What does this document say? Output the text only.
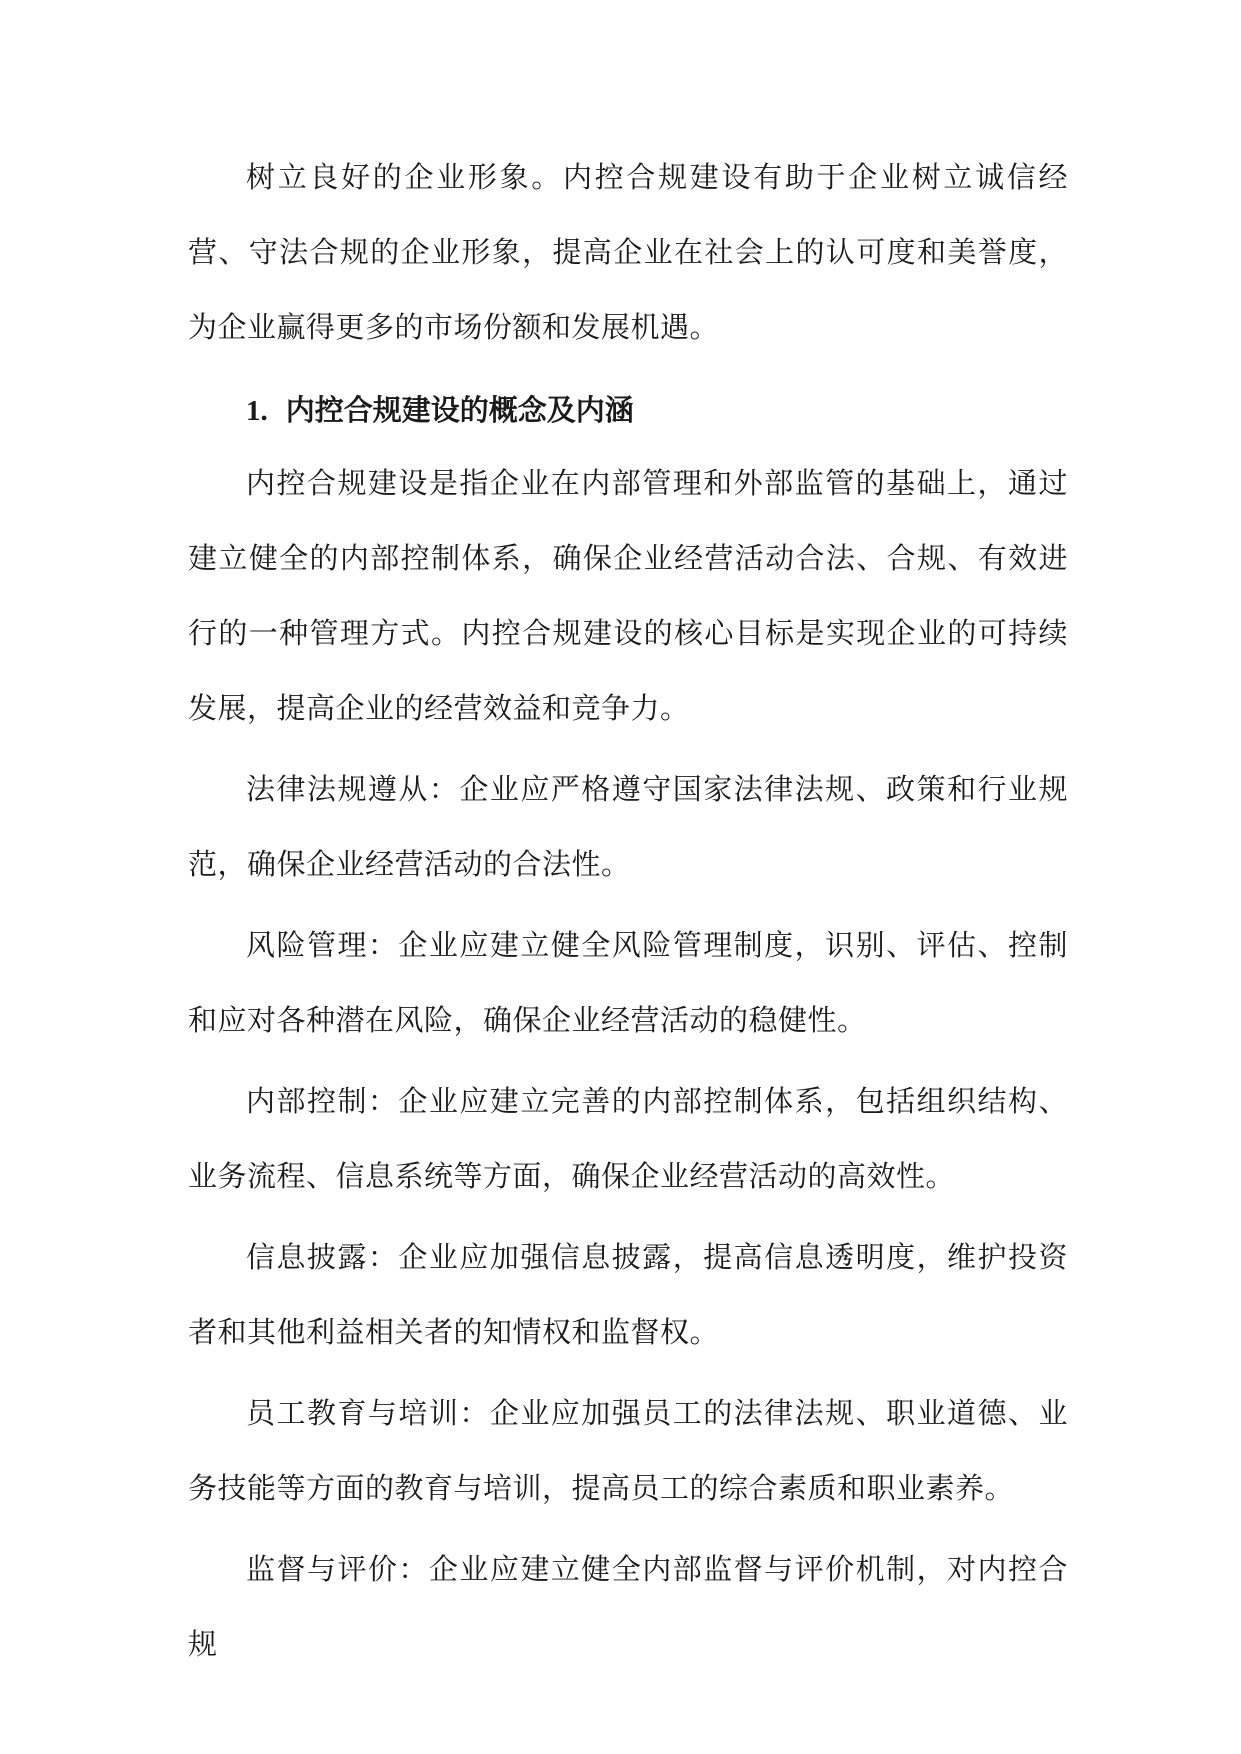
树立良好的企业形象。内控合规建设有助于企业树立诚信经营、守法合规的企业形象，提高企业在社会上的认可度和美誉度，为企业赢得更多的市场份额和发展机遇。

1. 内控合规建设的概念及内涵

内控合规建设是指企业在内部管理和外部监管的基础上，通过建立健全的内部控制体系，确保企业经营活动合法、合规、有效进行的一种管理方式。内控合规建设的核心目标是实现企业的可持续发展，提高企业的经营效益和竞争力。

法律法规遵从：企业应严格遵守国家法律法规、政策和行业规范，确保企业经营活动的合法性。

风险管理：企业应建立健全风险管理制度，识别、评估、控制和应对各种潜在风险，确保企业经营活动的稳健性。

内部控制：企业应建立完善的内部控制体系，包括组织结构、业务流程、信息系统等方面，确保企业经营活动的高效性。

信息披露：企业应加强信息披露，提高信息透明度，维护投资者和其他利益相关者的知情权和监督权。

员工教育与培训：企业应加强员工的法律法规、职业道德、业务技能等方面的教育与培训，提高员工的综合素质和职业素养。

监督与评价：企业应建立健全内部监督与评价机制，对内控合规
